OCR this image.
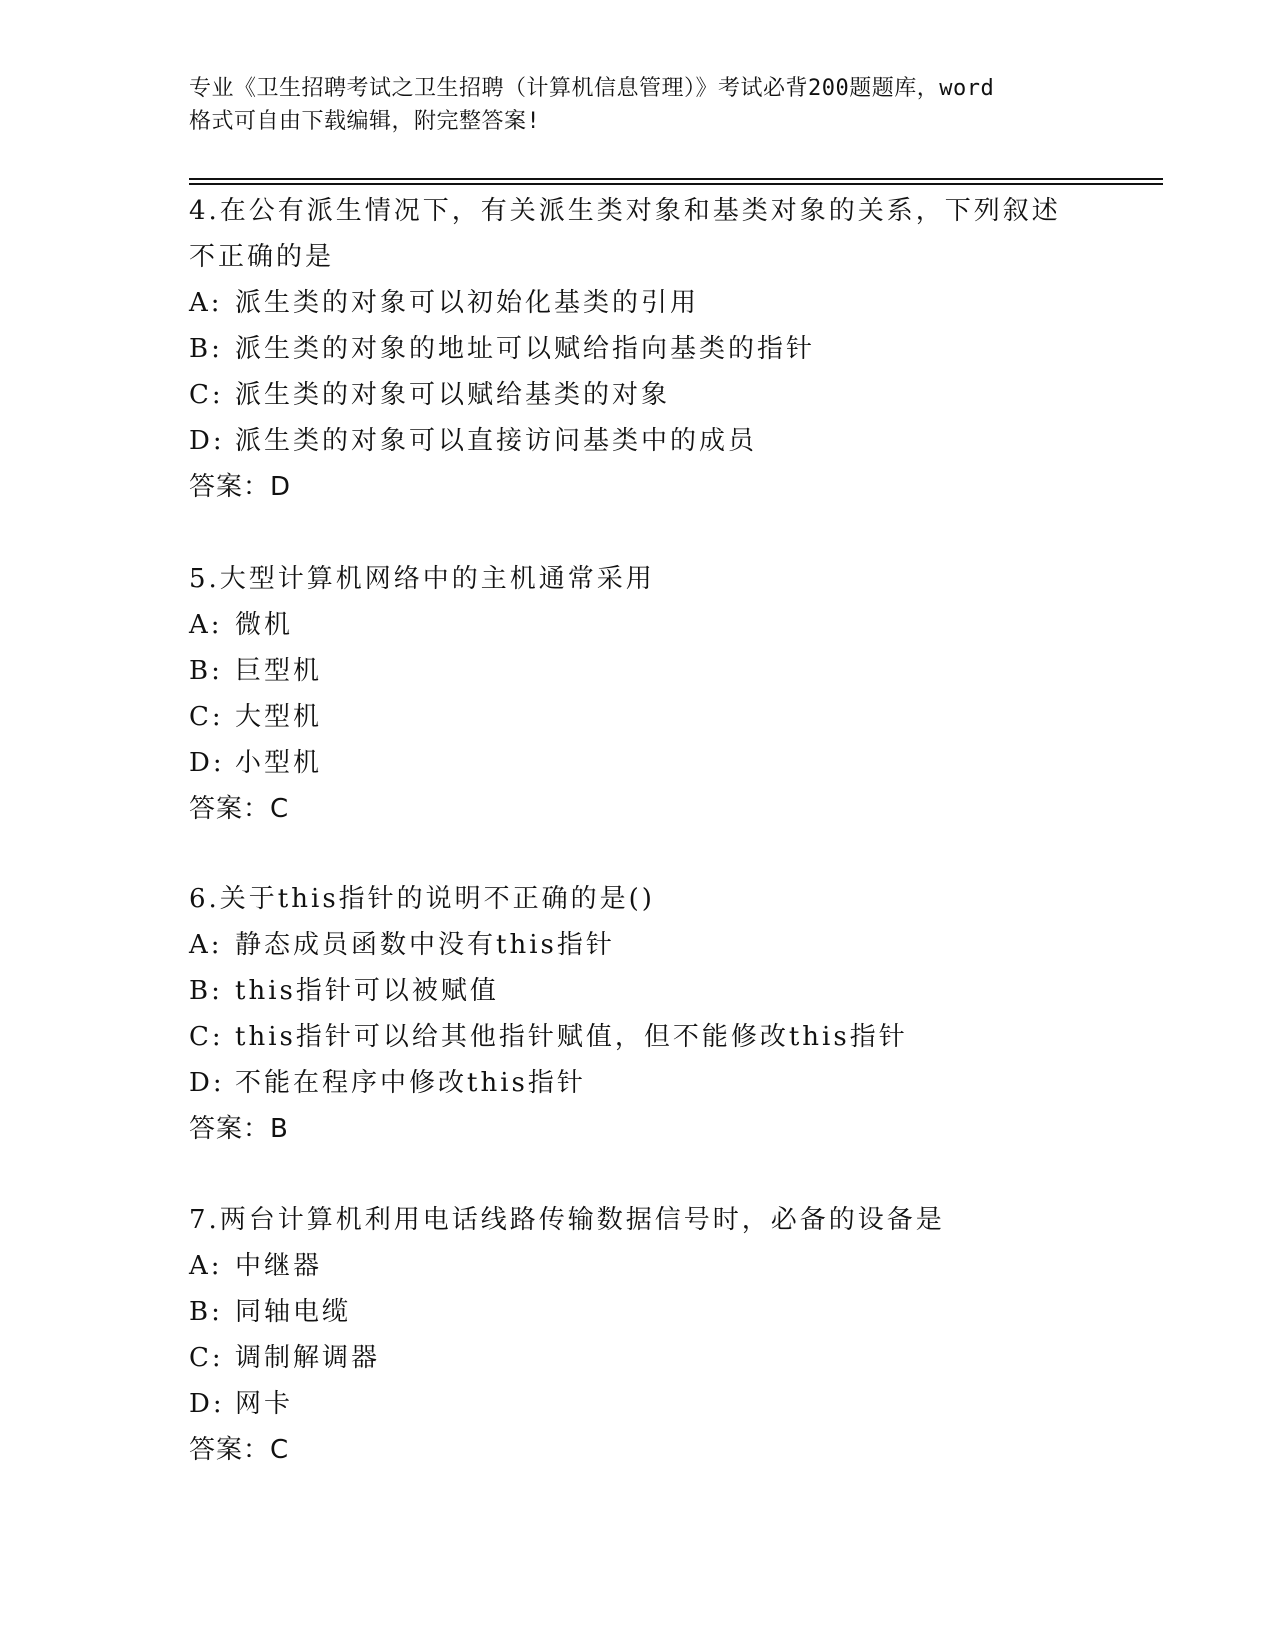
专业《卫生招聘考试之卫生招聘（计算机信息管理）》考试必背200题题库，word
格式可自由下载编辑，附完整答案!
4.在公有派生情况下，有关派生类对象和基类对象的关系，下列叙述
不正确的是
A: 派生类的对象可以初始化基类的引用
B: 派生类的对象的地址可以赋给指向基类的指针
C: 派生类的对象可以赋给基类的对象
D: 派生类的对象可以直接访问基类中的成员
答案：D
5.大型计算机网络中的主机通常采用
A: 微机
B: 巨型机
C: 大型机
D: 小型机
答案：C
6.关于this指针的说明不正确的是()
A: 静态成员函数中没有this指针
B: this指针可以被赋值
C: this指针可以给其他指针赋值，但不能修改this指针
D: 不能在程序中修改this指针
答案：B
7.两台计算机利用电话线路传输数据信号时，必备的设备是
A: 中继器
B: 同轴电缆
C: 调制解调器
D: 网卡
答案：C
